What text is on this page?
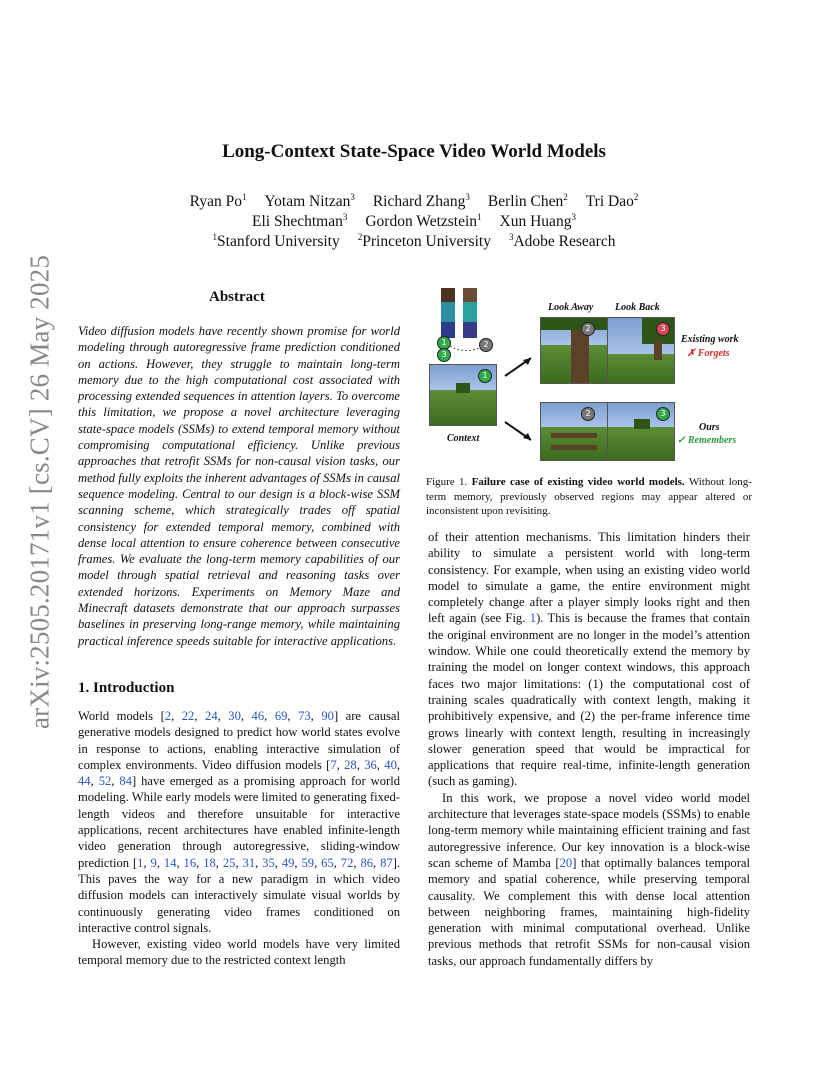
arXiv:2505.20171v1 [cs.CV] 26 May 2025
Long-Context State-Space Video World Models
Ryan Po$^1$ Yotam Nitzan$^3$ Richard Zhang$^3$ Berlin Chen$^2$ Tri Dao$^2$
Eli Shechtman$^3$ Gordon Wetzstein$^1$ Xun Huang$^3$
$^1$Stanford University $^2$Princeton University $^3$Adobe Research
Abstract
Video diffusion models have recently shown promise for world modeling through autoregressive frame prediction conditioned on actions. However, they struggle to maintain long-term memory due to the high computational cost associated with processing extended sequences in attention layers. To overcome this limitation, we propose a novel architecture leveraging state-space models (SSMs) to extend temporal memory without compromising computational efficiency. Unlike previous approaches that retrofit SSMs for non-causal vision tasks, our method fully exploits the inherent advantages of SSMs in causal sequence modeling. Central to our design is a block-wise SSM scanning scheme, which strategically trades off spatial consistency for extended temporal memory, combined with dense local attention to ensure coherence between consecutive frames. We evaluate the long-term memory capabilities of our model through spatial retrieval and reasoning tasks over extended horizons. Experiments on Memory Maze and Minecraft datasets demonstrate that our approach surpasses baselines in preserving long-range memory, while maintaining practical inference speeds suitable for interactive applications.
1. Introduction
World models [2, 22, 24, 30, 46, 69, 73, 90] are causal generative models designed to predict how world states evolve in response to actions, enabling interactive simulation of complex environments. Video diffusion models [7, 28, 36, 40, 44, 52, 84] have emerged as a promising approach for world modeling. While early models were limited to generating fixed-length videos and therefore unsuitable for interactive applications, recent architectures have enabled infinite-length video generation through autoregressive, sliding-window prediction [1, 9, 14, 16, 18, 25, 31, 35, 49, 59, 65, 72, 86, 87]. This paves the way for a new paradigm in which video diffusion models can interactively simulate visual worlds by continuously generating video frames conditioned on interactive control signals.
However, existing video world models have very limited temporal memory due to the restricted context length
1
3
2
1
Context
Look Away Look Back
2	3
Existing work
✗ Forgets
2	3
Ours
✓ Remembers
Figure 1. Failure case of existing video world models. Without long-term memory, previously observed regions may appear altered or inconsistent upon revisiting.
of their attention mechanisms. This limitation hinders their ability to simulate a persistent world with long-term consistency. For example, when using an existing video world model to simulate a game, the entire environment might completely change after a player simply looks right and then left again (see Fig. 1). This is because the frames that contain the original environment are no longer in the model’s attention window. While one could theoretically extend the memory by training the model on longer context windows, this approach faces two major limitations: (1) the computational cost of training scales quadratically with context length, making it prohibitively expensive, and (2) the per-frame inference time grows linearly with context length, resulting in increasingly slower generation speed that would be impractical for applications that require real-time, infinite-length generation (such as gaming).
In this work, we propose a novel video world model architecture that leverages state-space models (SSMs) to enable long-term memory while maintaining efficient training and fast autoregressive inference. Our key innovation is a block-wise scan scheme of Mamba [20] that optimally balances temporal memory and spatial coherence, while preserving temporal causality. We complement this with dense local attention between neighboring frames, maintaining high-fidelity generation with minimal computational overhead. Unlike previous methods that retrofit SSMs for non-causal vision tasks, our approach fundamentally differs by
